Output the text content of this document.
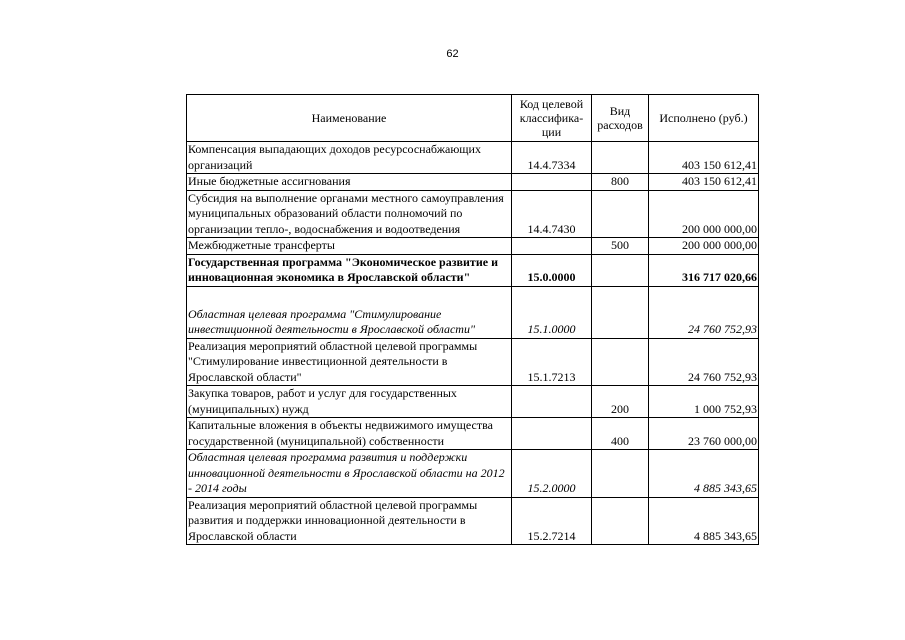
62
Наименование	Код целевой классифика-ции	Вид расходов	Исполнено (руб.)
Компенсация выпадающих доходов ресурсоснабжающих организаций	14.4.7334		403 150 612,41
Иные бюджетные ассигнования		800	403 150 612,41
Субсидия на выполнение органами местного самоуправления муниципальных образований области полномочий по организации тепло-, водоснабжения и водоотведения	14.4.7430		200 000 000,00
Межбюджетные трансферты		500	200 000 000,00
Государственная программа "Экономическое развитие и инновационная экономика в Ярославской области"	15.0.0000		316 717 020,66
Областная целевая программа "Стимулирование инвестиционной деятельности в Ярославской области"	15.1.0000		24 760 752,93
Реализация мероприятий областной целевой программы "Стимулирование инвестиционной деятельности в Ярославской области"	15.1.7213		24 760 752,93
Закупка товаров, работ и услуг для государственных (муниципальных) нужд		200	1 000 752,93
Капитальные вложения в объекты недвижимого имущества государственной (муниципальной) собственности		400	23 760 000,00
Областная целевая программа развития и поддержки инновационной деятельности в Ярославской области на 2012 - 2014 годы	15.2.0000		4 885 343,65
Реализация мероприятий областной целевой программы развития и поддержки инновационной деятельности в Ярославской области	15.2.7214		4 885 343,65
